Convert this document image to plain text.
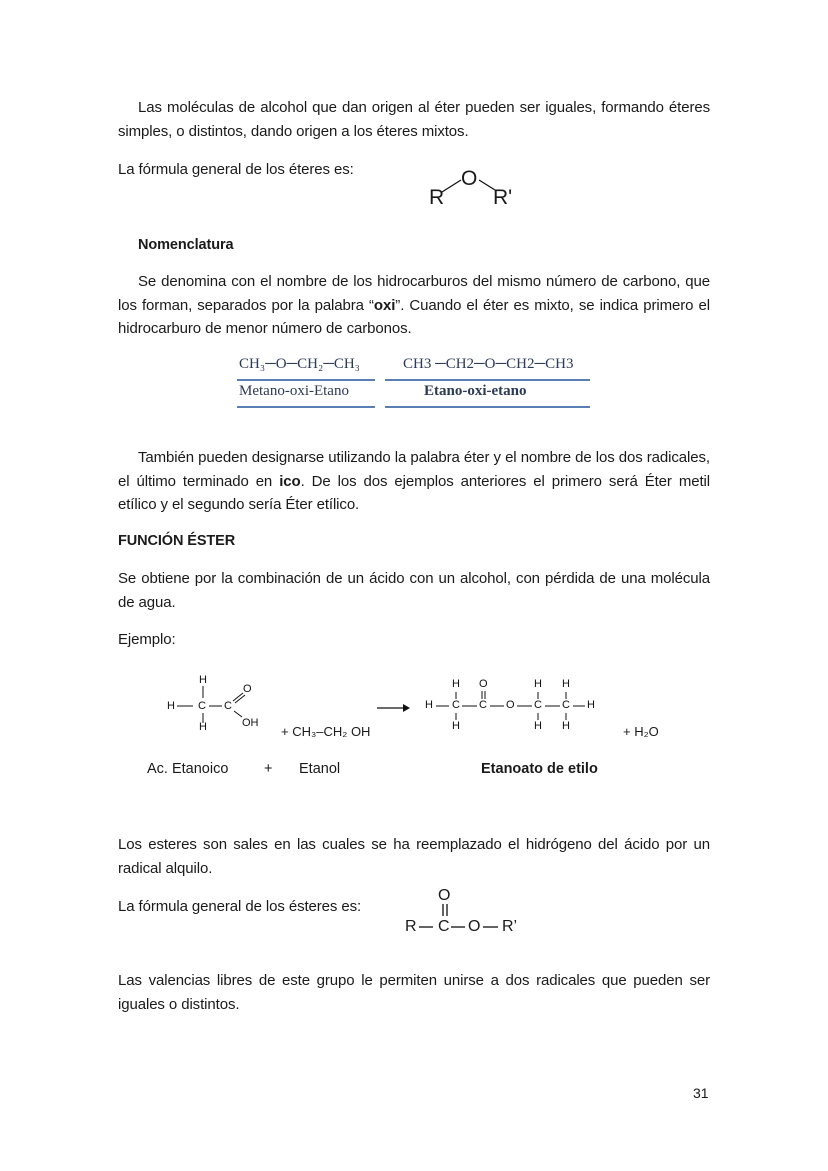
Las moléculas de alcohol que dan origen al éter pueden ser iguales, formando éteres simples, o distintos, dando origen a los éteres mixtos.

La fórmula general de los éteres es:

R
O
R'

Nomenclatura

Se denomina con el nombre de los hidrocarburos del mismo número de carbono, que los forman, separados por la palabra “oxi”. Cuando el éter es mixto, se indica primero el hidrocarburo de menor número de carbonos.

CH₃─O─CH₂─CH₃	CH3 ─CH2─O─CH2─CH3
Metano-oxi-Etano	Etano-oxi-etano

También pueden designarse utilizando la palabra éter y el nombre de los dos radicales, el último terminado en ico. De los dos ejemplos anteriores el primero será Éter metil etílico y el segundo sería Éter etílico.

FUNCIÓN ÉSTER

Se obtiene por la combinación de un ácido con un alcohol, con pérdida de una molécula de agua.

Ejemplo:

H
H C C
O
H	OH
+ CH₃–CH₂ OH
→ H
H
C
H
O
C O
H
C
H
H
C
H
H
+ H₂O
Ac. Etanoico + Etanol	Etanoato de etilo

Los esteres son sales en las cuales se ha reemplazado el hidrógeno del ácido por un radical alquilo.

La fórmula general de los ésteres es:

R C
O
O R’

Las valencias libres de este grupo le permiten unirse a dos radicales que pueden ser iguales o distintos.

31
